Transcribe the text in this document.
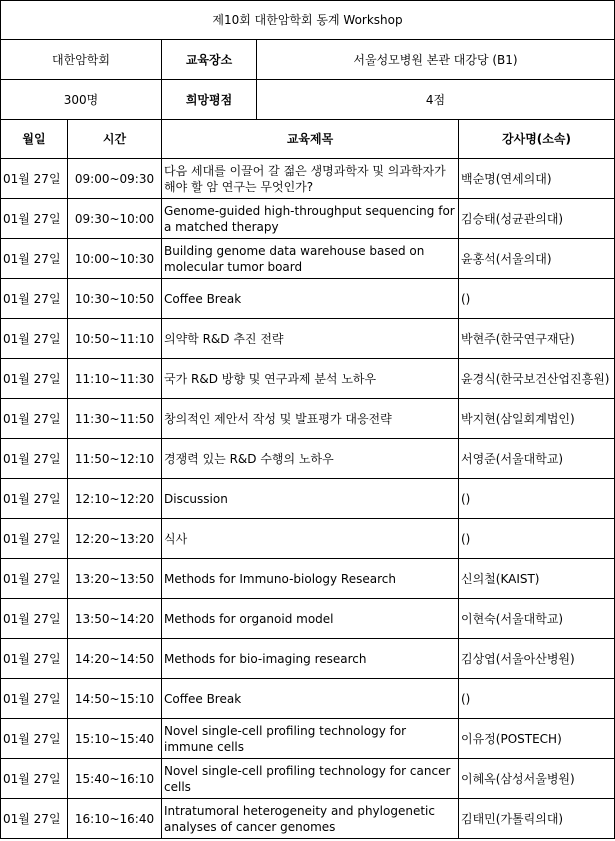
제10회 대한암학회 동계 Workshop				
대한암학회		교육장소	서울성모병원 본관 대강당 (B1)	
300명		희망평점	4점	
월일	시간	교육제목		강사명(소속)
01월 27일	09:00~09:30	다음 세대를 이끌어 갈 젊은 생명과학자 및 의과학자가 해야 할 암 연구는 무엇인가?		백순명(연세의대)
01월 27일	09:30~10:00	Genome-guided high-throughput sequencing for a matched therapy		김승태(성균관의대)
01월 27일	10:00~10:30	Building genome data warehouse based on molecular tumor board		윤홍석(서울의대)
01월 27일	10:30~10:50	Coffee Break		()
01월 27일	10:50~11:10	의약학 R&D 추진 전략		박현주(한국연구재단)
01월 27일	11:10~11:30	국가 R&D 방향 및 연구과제 분석 노하우		윤경식(한국보건산업진흥원)
01월 27일	11:30~11:50	창의적인 제안서 작성 및 발표평가 대응전략		박지현(삼일회계법인)
01월 27일	11:50~12:10	경쟁력 있는 R&D 수행의 노하우		서영준(서울대학교)
01월 27일	12:10~12:20	Discussion		()
01월 27일	12:20~13:20	식사		()
01월 27일	13:20~13:50	Methods for Immuno-biology Research		신의철(KAIST)
01월 27일	13:50~14:20	Methods for organoid model		이현숙(서울대학교)
01월 27일	14:20~14:50	Methods for bio-imaging research		김상엽(서울아산병원)
01월 27일	14:50~15:10	Coffee Break		()
01월 27일	15:10~15:40	Novel single-cell profiling technology for immune cells		이유정(POSTECH)
01월 27일	15:40~16:10	Novel single-cell profiling technology for cancer cells		이혜옥(삼성서울병원)
01월 27일	16:10~16:40	Intratumoral heterogeneity and phylogenetic analyses of cancer genomes		김태민(가톨릭의대)
